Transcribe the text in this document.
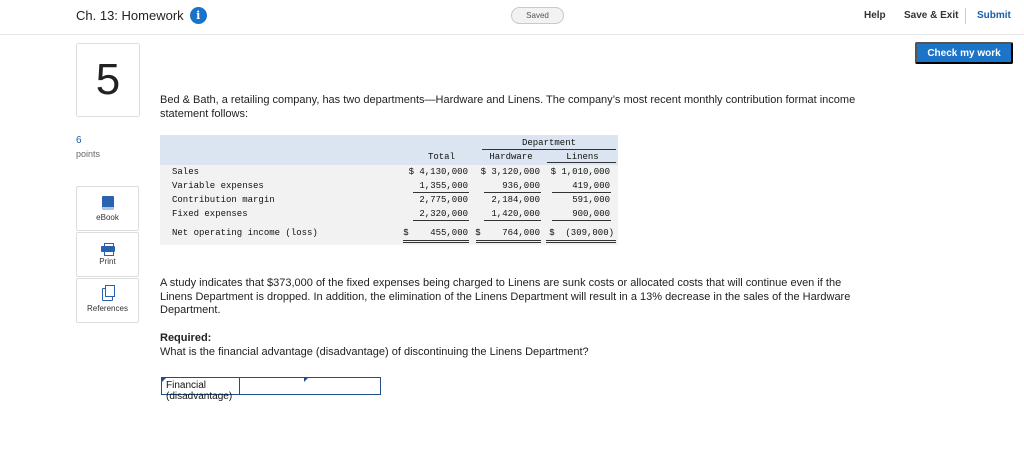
Ch. 13: Homework	i	Saved	Help Save & Exit Submit
Check my work
5
6
points
eBook
Print
References

Bed & Bath, a retailing company, has two departments—Hardware and Linens. The company’s most recent monthly contribution format income statement follows:

Department
Total	Hardware	Linens
Sales	$ 4,130,000	$ 3,120,000	$ 1,010,000
Variable expenses	1,355,000	936,000	419,000
Contribution margin	2,775,000	2,184,000	591,000
Fixed expenses	2,320,000	1,420,000	900,000
Net operating income (loss)	$    455,000 $    764,000	$  (309,000)

A study indicates that $373,000 of the fixed expenses being charged to Linens are sunk costs or allocated costs that will continue even if the Linens Department is dropped. In addition, the elimination of the Linens Department will result in a 13% decrease in the sales of the Hardware Department.

Required:
What is the financial advantage (disadvantage) of discontinuing the Linens Department?
Financial (disadvantage)
